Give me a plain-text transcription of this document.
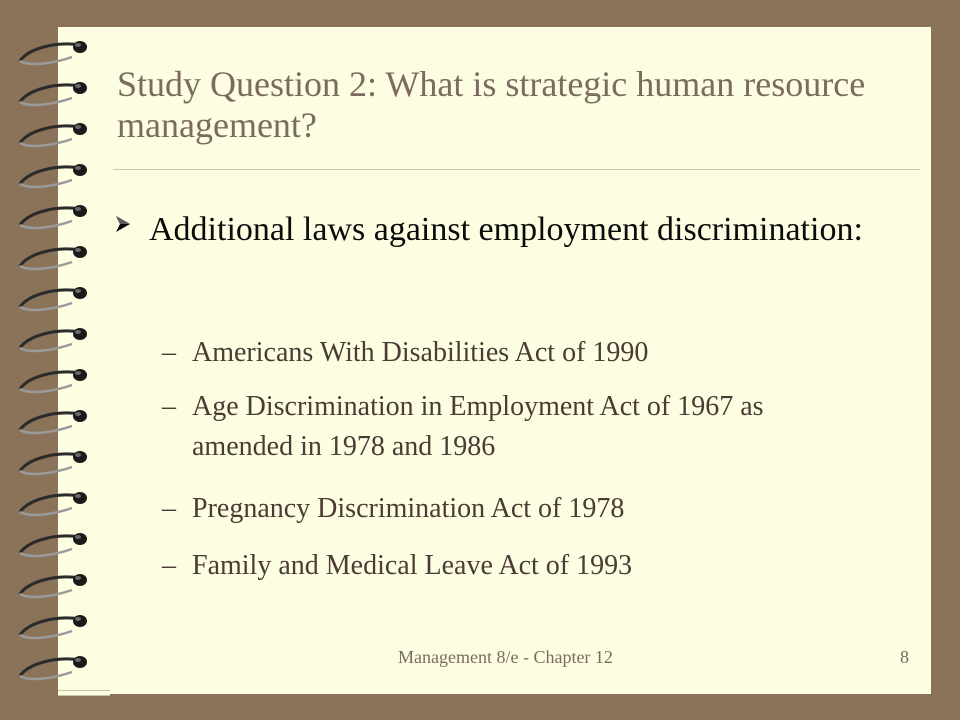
Study Question 2: What is strategic human resource management?

Additional laws against employment discrimination:

– Americans With Disabilities Act of 1990

– Age Discrimination in Employment Act of 1967 as amended in 1978 and 1986

– Pregnancy Discrimination Act of 1978

– Family and Medical Leave Act of 1993

Management 8/e - Chapter 12	8
